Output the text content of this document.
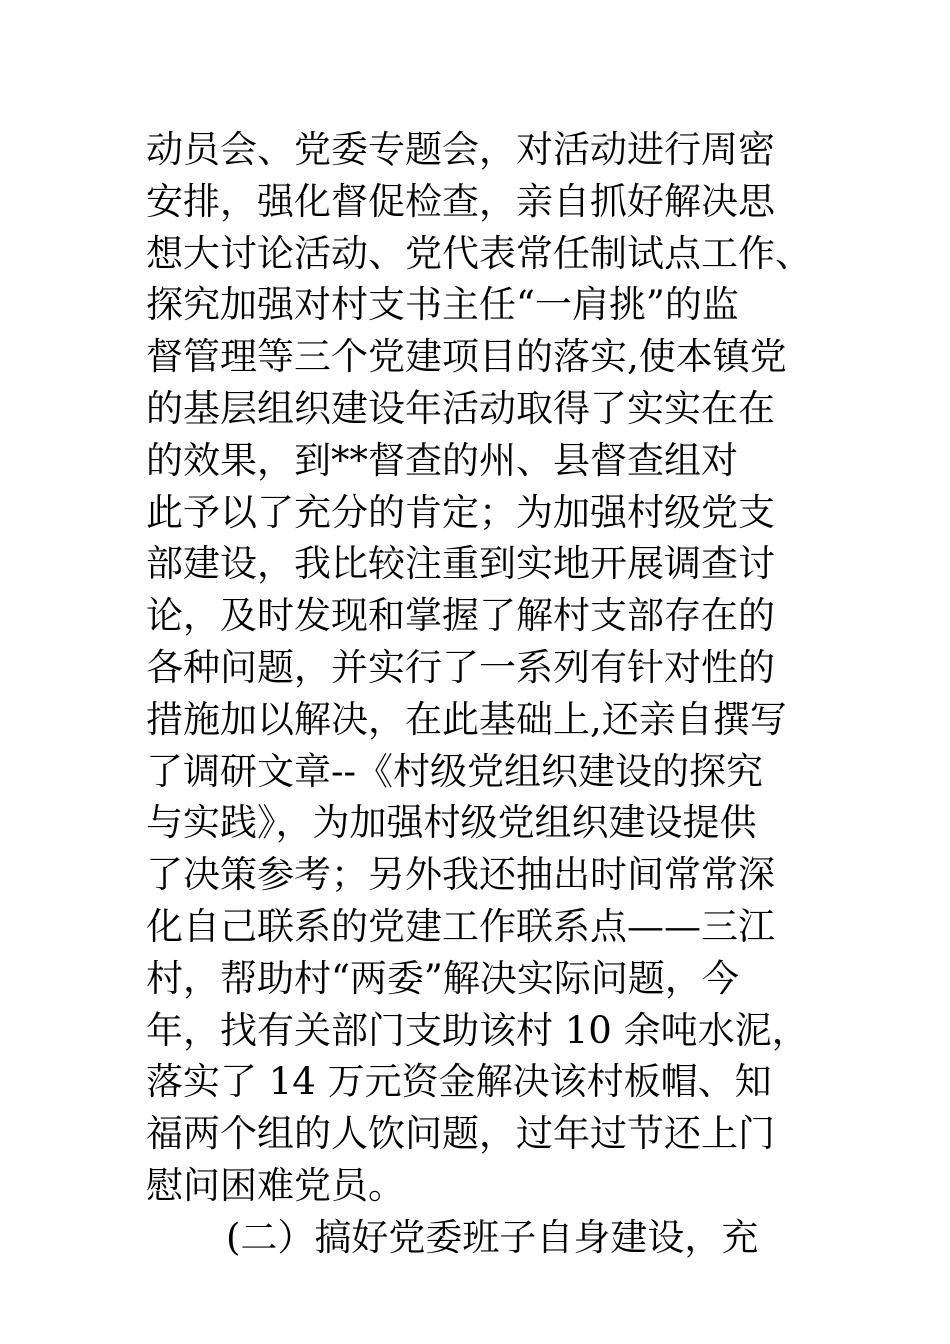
动员会、党委专题会，对活动进行周密
安排，强化督促检查，亲自抓好解决思
想大讨论活动、党代表常任制试点工作、
探究加强对村支书主任“一肩挑”的监
督管理等三个党建项目的落实,使本镇党
的基层组织建设年活动取得了实实在在
的效果，到**督查的州、县督查组对
此予以了充分的肯定；为加强村级党支
部建设，我比较注重到实地开展调查讨
论，及时发现和掌握了解村支部存在的
各种问题，并实行了一系列有针对性的
措施加以解决，在此基础上,还亲自撰写
了调研文章--《村级党组织建设的探究
与实践》，为加强村级党组织建设提供
了决策参考；另外我还抽出时间常常深
化自己联系的党建工作联系点——三江
村，帮助村“两委”解决实际问题，今
年，找有关部门支助该村 10 余吨水泥，
落实了 14 万元资金解决该村板帽、知
福两个组的人饮问题，过年过节还上门
慰问困难党员。
(二）搞好党委班子自身建设，充
